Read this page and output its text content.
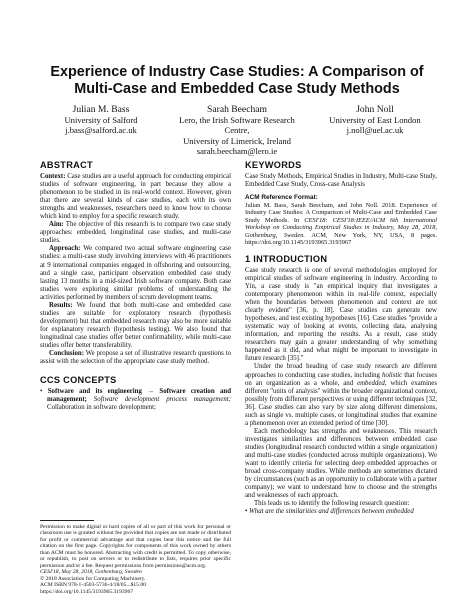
Experience of Industry Case Studies: A Comparison of
Multi-Case and Embedded Case Study Methods
Julian M. Bass
University of Salford
j.bass@salford.ac.uk
Sarah Beecham
Lero, the Irish Software Research
Centre,
University of Limerick, Ireland
sarah.beecham@lero.ie
John Noll
University of East London
j.noll@uel.ac.uk
ABSTRACT

Context: Case studies are a useful approach for conducting empirical studies of software engineering, in part because they allow a phenomenon to be studied in its real-world context. However, given that there are several kinds of case studies, each with its own strengths and weaknesses, researchers need to know how to choose which kind to employ for a specific research study.

Aim: The objective of this research is to compare two case study approaches: embedded, longitudinal case studies, and multi-case studies.

Approach: We compared two actual software engineering case studies: a multi-case study involving interviews with 46 practitioners at 9 international companies engaged in offshoring and outsourcing, and a single case, participant observation embedded case study lasting 13 months in a mid-sized Irish software company. Both case studies were exploring similar problems of understanding the activities performed by members of scrum development teams.

Results: We found that both multi-case and embedded case studies are suitable for exploratory research (hypothesis development) but that embedded research may also be more suitable for explanatory research (hypothesis testing). We also found that longitudinal case studies offer better confirmability, while multi-case studies offer better transferability.

Conclusion: We propose a set of illustrative research questions to assist with the selection of the appropriate case study method.

CCS CONCEPTS
• Software and its engineering → Software creation and management; Software development process management; Collaboration in software development;
Permission to make digital or hard copies of all or part of this work for personal or classroom use is granted without fee provided that copies are not made or distributed for profit or commercial advantage and that copies bear this notice and the full citation on the first page. Copyrights for components of this work owned by others than ACM must be honored. Abstracting with credit is permitted. To copy otherwise, or republish, to post on servers or to redistribute to lists, requires prior specific permission and/or a fee. Request permissions from permissions@acm.org.
CESI'18, May 28, 2018, Gothenburg, Sweden
© 2018 Association for Computing Machinery.
ACM ISBN 978-1-4503-5736-4/18/05...$15.00
https://doi.org/10.1145/3193965.3193967
KEYWORDS
Case Study Methods, Empirical Studies in Industry, Multi-case Study, Embedded Case Study, Cross-case Analysis
ACM Reference Format:
Julian M. Bass, Sarah Beecham, and John Noll. 2018. Experience of Industry Case Studies: A Comparison of Multi-Case and Embedded Case Study Methods. In CESI'18: CESI'18:IEEE/ACM 6th International Workshop on Conducting Empirical Studies in Industry, May 28, 2018, Gothenburg, Sweden. ACM, New York, NY, USA, 8 pages. https://doi.org/10.1145/3193965.3193967
1 INTRODUCTION

Case study research is one of several methodologies employed for empirical studies of software engineering in industry. According to Yin, a case study is "an empirical inquiry that investigates a contemporary phenomenon within its real-life context, especially when the boundaries between phenomenon and context are not clearly evident" [36, p. 18]. Case studies can generate new hypotheses, and test existing hypotheses [16]. Case studies "provide a systematic way of looking at events, collecting data, analysing information, and reporting the results. As a result, case study researchers may gain a greater understanding of why something happened as it did, and what might be important to investigate in future research [35]."

Under the broad heading of case study research are different approaches to conducting case studies, including holistic that focuses on an organization as a whole, and embedded, which examines different "units of analysis" within the broader organizational context, possibly from different perspectives or using different techniques [32, 36]. Case studies can also vary by size along different dimensions, such as single vs. multiple cases, or longitudinal studies that examine a phenomenon over an extended period of time [30].

Each methodology has strengths and weaknesses. This research investigates similarities and differences between embedded case studies (longitudinal research conducted within a single organization) and multi-case studies (conducted across multiple organizations). We want to identify criteria for selecting deep embedded approaches or broad cross-company studies. While methods are sometimes dictated by circumstances (such as an opportunity to collaborate with a partner company); we want to understand how to choose and the strengths and weaknesses of each approach.

This leads us to identify the following research question:

• What are the similarities and differences between embedded
